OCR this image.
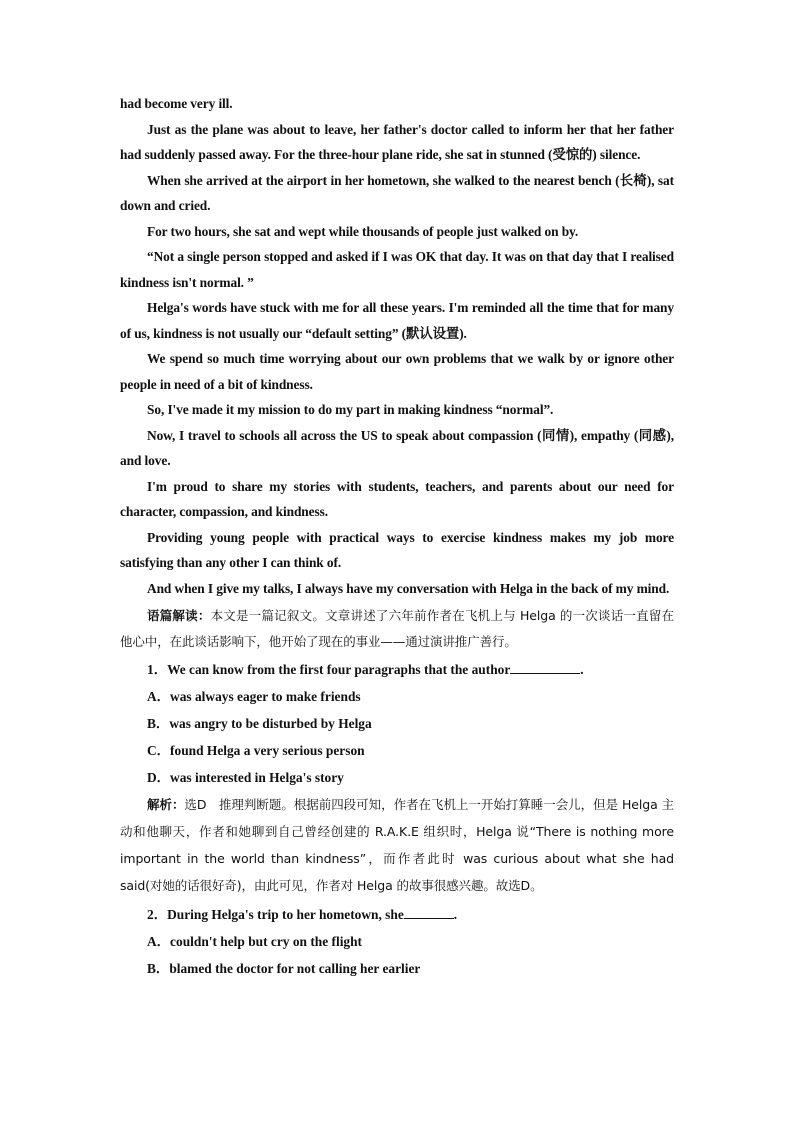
had become very ill.

Just as the plane was about to leave, her father's doctor called to inform her that her father had suddenly passed away. For the three-hour plane ride, she sat in stunned (受惊的) silence.

When she arrived at the airport in her hometown, she walked to the nearest bench (长椅), sat down and cried.

For two hours, she sat and wept while thousands of people just walked on by.

“Not a single person stopped and asked if I was OK that day. It was on that day that I realised kindness isn't normal. ”

Helga's words have stuck with me for all these years. I'm reminded all the time that for many of us, kindness is not usually our “default setting” (默认设置).

We spend so much time worrying about our own problems that we walk by or ignore other people in need of a bit of kindness.

So, I've made it my mission to do my part in making kindness “normal”.

Now, I travel to schools all across the US to speak about compassion (同情), empathy (同感), and love.

I'm proud to share my stories with students, teachers, and parents about our need for character, compassion, and kindness.

Providing young people with practical ways to exercise kindness makes my job more satisfying than any other I can think of.

And when I give my talks, I always have my conversation with Helga in the back of my mind.

语篇解读：本文是一篇记叙文。文章讲述了六年前作者在飞机上与 Helga 的一次谈话一直留在他心中，在此谈话影响下，他开始了现在的事业——通过演讲推广善行。

1．We can know from the first four paragraphs that the author	.

A．was always eager to make friends

B．was angry to be disturbed by Helga

C．found Helga a very serious person

D．was interested in Helga's story

解析：选D　推理判断题。根据前四段可知，作者在飞机上一开始打算睡一会儿，但是 Helga 主动和他聊天，作者和她聊到自己曾经创建的 R.A.K.E 组织时，Helga 说“There is nothing more important in the world than kindness”，而作者此时 was curious about what she had said(对她的话很好奇)，由此可见，作者对 Helga 的故事很感兴趣。故选D。

2．During Helga's trip to her hometown, she	.

A．couldn't help but cry on the flight

B．blamed the doctor for not calling her earlier
